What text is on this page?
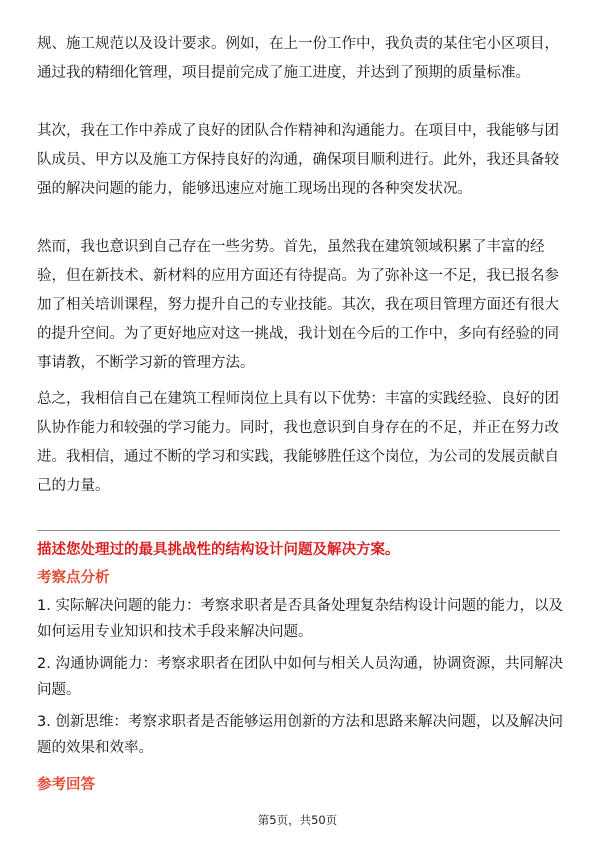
规、施工规范以及设计要求。例如，在上一份工作中，我负责的某住宅小区项目，
通过我的精细化管理，项目提前完成了施工进度，并达到了预期的质量标准。
其次，我在工作中养成了良好的团队合作精神和沟通能力。在项目中，我能够与团
队成员、甲方以及施工方保持良好的沟通，确保项目顺利进行。此外，我还具备较
强的解决问题的能力，能够迅速应对施工现场出现的各种突发状况。
然而，我也意识到自己存在一些劣势。首先，虽然我在建筑领域积累了丰富的经
验，但在新技术、新材料的应用方面还有待提高。为了弥补这一不足，我已报名参
加了相关培训课程，努力提升自己的专业技能。其次，我在项目管理方面还有很大
的提升空间。为了更好地应对这一挑战，我计划在今后的工作中，多向有经验的同
事请教，不断学习新的管理方法。
总之，我相信自己在建筑工程师岗位上具有以下优势：丰富的实践经验、良好的团
队协作能力和较强的学习能力。同时，我也意识到自身存在的不足，并正在努力改
进。我相信，通过不断的学习和实践，我能够胜任这个岗位，为公司的发展贡献自
己的力量。
描述您处理过的最具挑战性的结构设计问题及解决方案。
考察点分析
1. 实际解决问题的能力：考察求职者是否具备处理复杂结构设计问题的能力，以及
如何运用专业知识和技术手段来解决问题。
2. 沟通协调能力：考察求职者在团队中如何与相关人员沟通，协调资源，共同解决
问题。
3. 创新思维：考察求职者是否能够运用创新的方法和思路来解决问题，以及解决问
题的效果和效率。
参考回答
第5页，共50页
